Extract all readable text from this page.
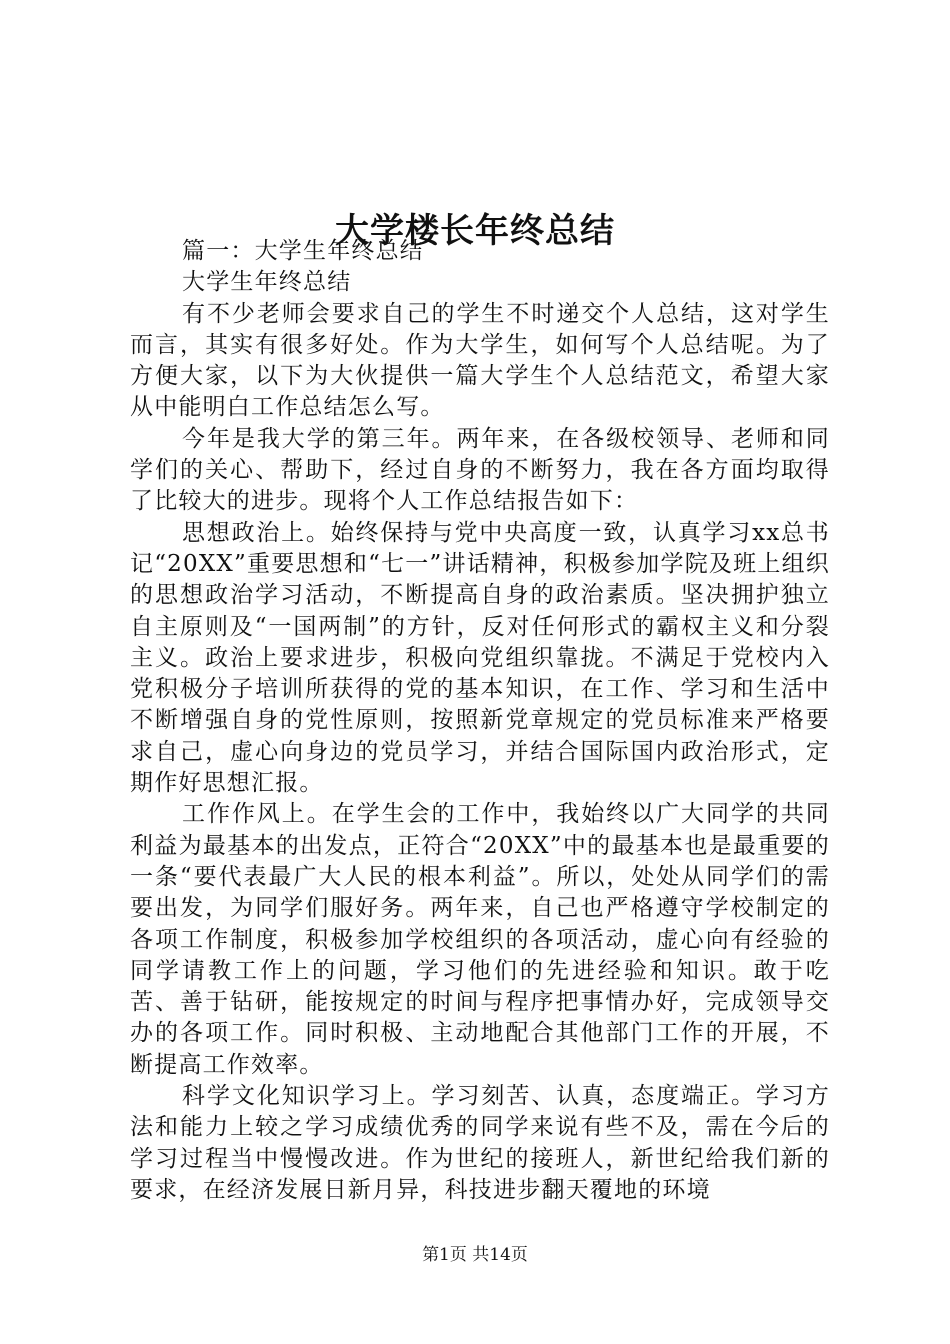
大学楼长年终总结

篇一：大学生年终总结

大学生年终总结

有不少老师会要求自己的学生不时递交个人总结，这对学生而言，其实有很多好处。作为大学生，如何写个人总结呢。为了方便大家，以下为大伙提供一篇大学生个人总结范文，希望大家从中能明白工作总结怎么写。

今年是我大学的第三年。两年来，在各级校领导、老师和同学们的关心、帮助下，经过自身的不断努力，我在各方面均取得了比较大的进步。现将个人工作总结报告如下：

思想政治上。始终保持与党中央高度一致，认真学习xx总书记“20XX”重要思想和“七一”讲话精神，积极参加学院及班上组织的思想政治学习活动，不断提高自身的政治素质。坚决拥护独立自主原则及“一国两制”的方针，反对任何形式的霸权主义和分裂主义。政治上要求进步，积极向党组织靠拢。不满足于党校内入党积极分子培训所获得的党的基本知识，在工作、学习和生活中不断增强自身的党性原则，按照新党章规定的党员标准来严格要求自己，虚心向身边的党员学习，并结合国际国内政治形式，定期作好思想汇报。

工作作风上。在学生会的工作中，我始终以广大同学的共同利益为最基本的出发点，正符合“20XX”中的最基本也是最重要的一条“要代表最广大人民的根本利益”。所以，处处从同学们的需要出发，为同学们服好务。两年来，自己也严格遵守学校制定的各项工作制度，积极参加学校组织的各项活动，虚心向有经验的同学请教工作上的问题，学习他们的先进经验和知识。敢于吃苦、善于钻研，能按规定的时间与程序把事情办好，完成领导交办的各项工作。同时积极、主动地配合其他部门工作的开展，不断提高工作效率。

科学文化知识学习上。学习刻苦、认真，态度端正。学习方法和能力上较之学习成绩优秀的同学来说有些不及，需在今后的学习过程当中慢慢改进。作为世纪的接班人，新世纪给我们新的要求，在经济发展日新月异，科技进步翻天覆地的环境

第1页 共14页
